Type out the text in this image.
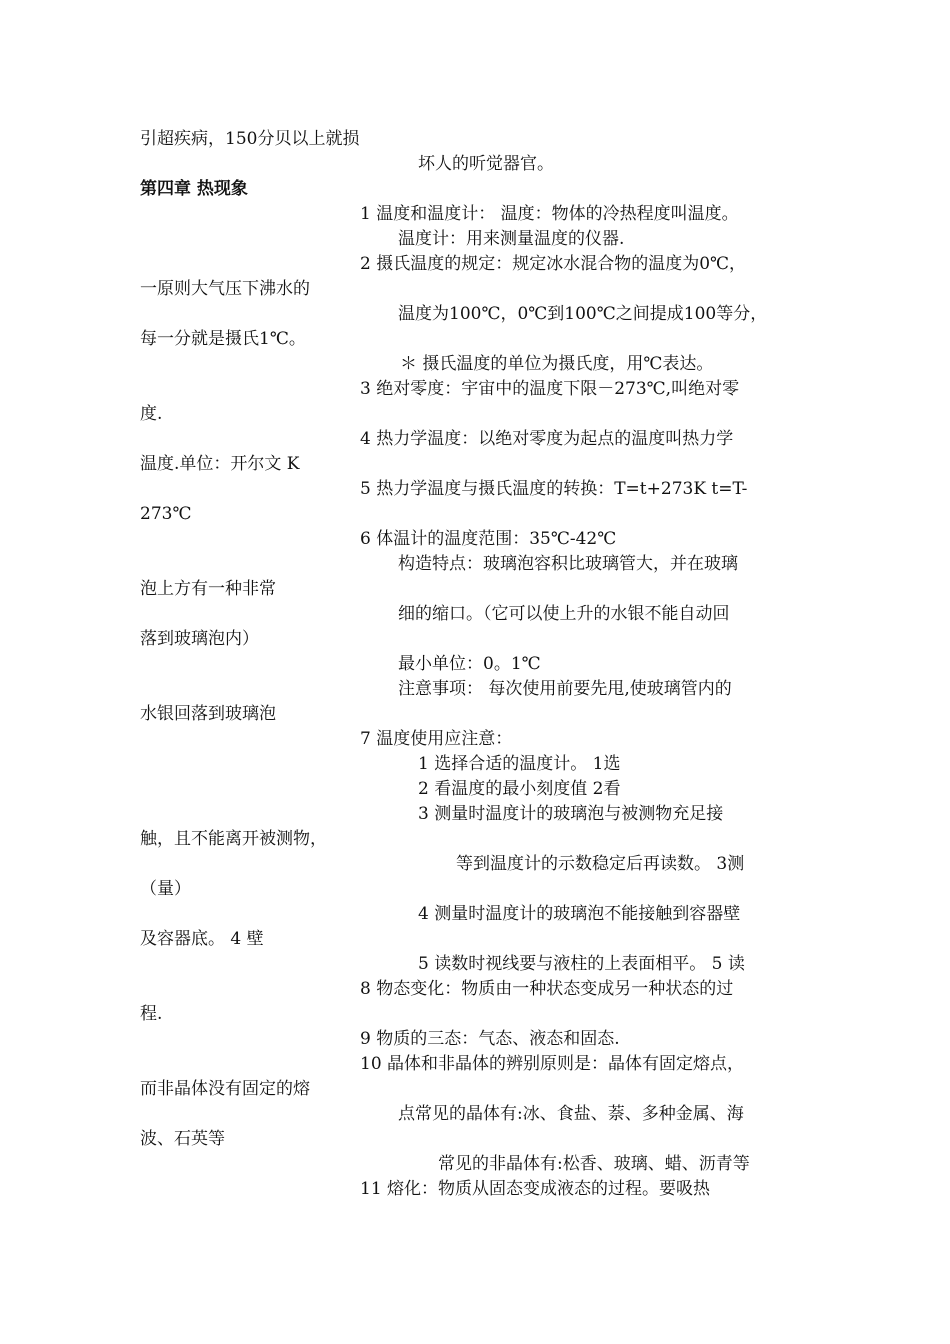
引超疾病，150分贝以上就损
坏人的听觉器官。
第四章 热现象
1 温度和温度计： 温度：物体的冷热程度叫温度。
温度计：用来测量温度的仪器.
2 摄氏温度的规定：规定冰水混合物的温度为0℃，
一原则大气压下沸水的
温度为100℃，0℃到100℃之间提成100等分，
每一分就是摄氏1℃。
＊ 摄氏温度的单位为摄氏度，用℃表达。
3 绝对零度：宇宙中的温度下限－273℃,叫绝对零
度.
4 热力学温度：以绝对零度为起点的温度叫热力学
温度.单位：开尔文 K
5 热力学温度与摄氏温度的转换：T=t+273K t=T-
273℃
6 体温计的温度范围：35℃-42℃
构造特点：玻璃泡容积比玻璃管大，并在玻璃
泡上方有一种非常
细的缩口。（它可以使上升的水银不能自动回
落到玻璃泡内）
最小单位：0。1℃
注意事项： 每次使用前要先甩,使玻璃管内的
水银回落到玻璃泡
7 温度使用应注意：
1 选择合适的温度计。 1选
2 看温度的最小刻度值 2看
3 测量时温度计的玻璃泡与被测物充足接
触，且不能离开被测物，
等到温度计的示数稳定后再读数。 3测
（量）
4 测量时温度计的玻璃泡不能接触到容器壁
及容器底。 4 壁
5 读数时视线要与液柱的上表面相平。 5 读
8 物态变化：物质由一种状态变成另一种状态的过
程.
9 物质的三态：气态、液态和固态.
10 晶体和非晶体的辨别原则是：晶体有固定熔点，
而非晶体没有固定的熔
点常见的晶体有:冰、食盐、萘、多种金属、海
波、石英等
常见的非晶体有:松香、玻璃、蜡、沥青等
11 熔化：物质从固态变成液态的过程。要吸热
